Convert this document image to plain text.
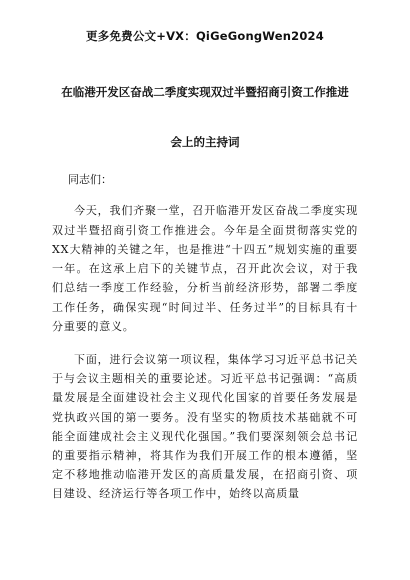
更多免费公文+VX：QiGeGongWen2024
在临港开发区奋战二季度实现双过半暨招商引资工作推进
会上的主持词
同志们：

今天，我们齐聚一堂，召开临港开发区奋战二季度实现双过半暨招商引资工作推进会。今年是全面贯彻落实党的XX大精神的关键之年，也是推进“十四五”规划实施的重要一年。在这承上启下的关键节点，召开此次会议，对于我们总结一季度工作经验，分析当前经济形势，部署二季度工作任务，确保实现“时间过半、任务过半”的目标具有十分重要的意义。

下面，进行会议第一项议程，集体学习习近平总书记关于与会议主题相关的重要论述。习近平总书记强调：“高质量发展是全面建设社会主义现代化国家的首要任务发展是党执政兴国的第一要务。没有坚实的物质技术基础就不可能全面建成社会主义现代化强国。”我们要深刻领会总书记的重要指示精神，将其作为我们开展工作的根本遵循，坚定不移地推动临港开发区的高质量发展，在招商引资、项目建设、经济运行等各项工作中，始终以高质量
